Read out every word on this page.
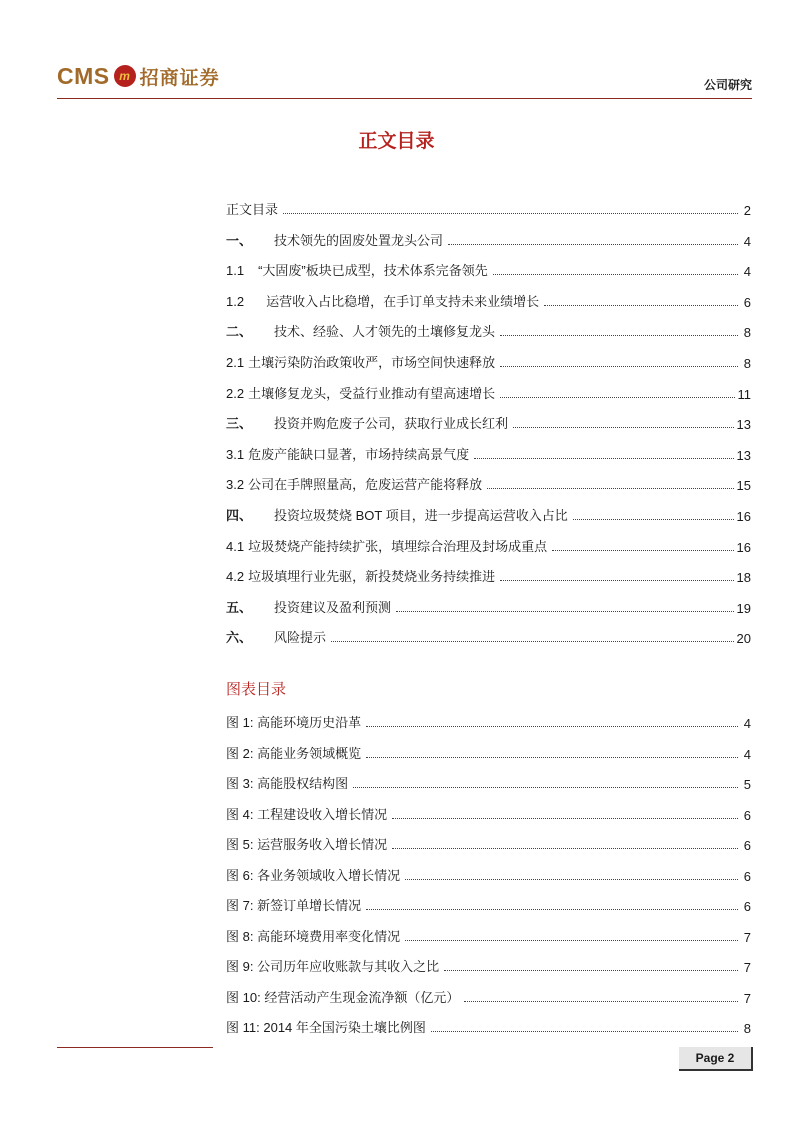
CMS m 招商证券	公司研究
正文目录
正文目录	2
一、 技术领先的固废处置龙头公司	4
1.1 “大固废”板块已成型，技术体系完备领先	4
1.2 运营收入占比稳增，在手订单支持未来业绩增长	6
二、 技术、经验、人才领先的土壤修复龙头	8
2.1 土壤污染防治政策收严，市场空间快速释放	8
2.2 土壤修复龙头，受益行业推动有望高速增长	11
三、 投资并购危废子公司，获取行业成长红利	13
3.1 危废产能缺口显著，市场持续高景气度	13
3.2 公司在手牌照量高，危废运营产能将释放	15
四、 投资垃圾焚烧 BOT 项目，进一步提高运营收入占比	16
4.1 垃圾焚烧产能持续扩张，填埋综合治理及封场成重点	16
4.2 垃圾填埋行业先驱，新投焚烧业务持续推进	18
五、 投资建议及盈利预测	19
六、 风险提示	20
图表目录
图 1: 高能环境历史沿革	4
图 2: 高能业务领域概览	4
图 3: 高能股权结构图	5
图 4: 工程建设收入增长情况	6
图 5: 运营服务收入增长情况	6
图 6: 各业务领域收入增长情况	6
图 7: 新签订单增长情况	6
图 8: 高能环境费用率变化情况	7
图 9: 公司历年应收账款与其收入之比	7
图 10: 经营活动产生现金流净额（亿元）	7
图 11: 2014 年全国污染土壤比例图	8
Page 2
